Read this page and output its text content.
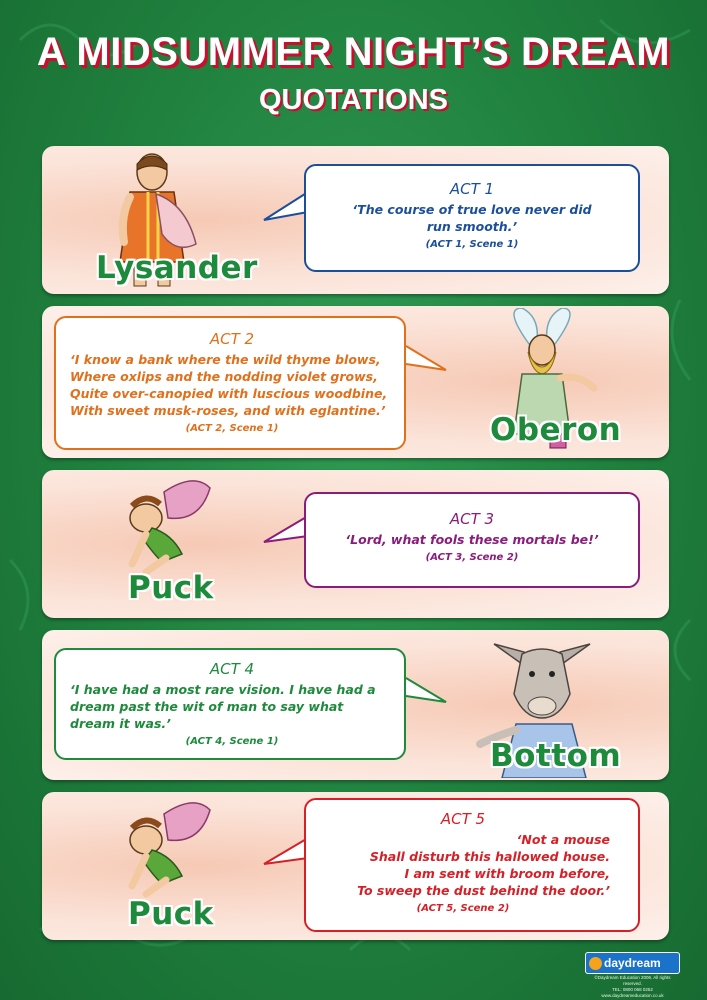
A MIDSUMMER NIGHT’S DREAM
QUOTATIONS
Lysander
ACT 1
‘The course of true love never did
run smooth.’
(ACT 1, Scene 1)
ACT 2
‘I know a bank where the wild thyme blows,
Where oxlips and the nodding violet grows,
Quite over-canopied with luscious woodbine,
With sweet musk-roses, and with eglantine.’
(ACT 2, Scene 1)	Oberon
Puck
ACT 3
‘Lord, what fools these mortals be!’
(ACT 3, Scene 2)
ACT 4
‘I have had a most rare vision. I have had a
dream past the wit of man to say what
dream it was.’
(ACT 4, Scene 1)	Bottom
Puck
ACT 5
‘Not a mouse
Shall disturb this hallowed house.
I am sent with broom before,
To sweep the dust behind the door.’
(ACT 5, Scene 2)
daydream
©Daydream Education 2006. All rights reserved.
TEL: 0800 068 0252
www.daydreameducation.co.uk
